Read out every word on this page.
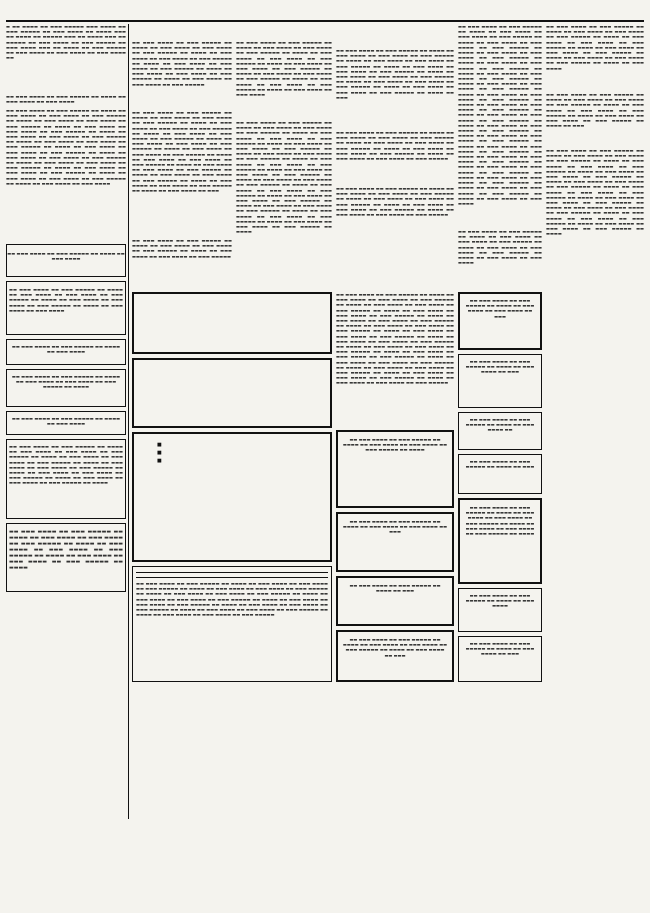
▬ ▬▬ ▬▬▬▬ ▬▬ ▬▬▬ ▬▬▬▬▬ ▬▬▬ ▬▬▬▬ ▬▬ ▬▬▬ ▬▬▬▬▬ ▬▬ ▬▬▬ ▬▬▬▬ ▬▬ ▬▬▬▬ ▬▬▬ ▬▬ ▬▬▬▬ ▬▬ ▬▬▬▬▬ ▬▬▬ ▬▬ ▬▬▬▬ ▬▬▬ ▬▬ ▬▬▬▬▬ ▬▬ ▬▬▬ ▬▬▬▬ ▬▬ ▬▬▬ ▬▬▬▬▬ ▬▬ ▬▬▬ ▬▬▬▬ ▬▬▬ ▬▬ ▬▬▬▬ ▬▬ ▬▬▬ ▬▬▬▬▬ ▬▬ ▬▬▬ ▬▬▬▬ ▬▬ ▬▬▬ ▬▬▬▬ ▬▬ ▬▬▬ ▬▬▬▬ ▬▬

▬▬ ▬▬▬ ▬▬▬▬ ▬▬ ▬▬▬ ▬▬▬▬▬ ▬▬ ▬▬▬▬ ▬▬ ▬▬▬ ▬▬▬▬ ▬▬ ▬▬▬ ▬▬▬▬

▬▬ ▬▬▬ ▬▬▬▬ ▬▬ ▬▬▬ ▬▬▬▬▬ ▬▬ ▬▬▬▬ ▬▬ ▬▬▬ ▬▬▬▬ ▬▬ ▬▬▬ ▬▬▬▬ ▬▬ ▬▬▬ ▬▬▬▬▬ ▬▬ ▬▬▬▬ ▬▬ ▬▬▬ ▬▬▬▬ ▬▬ ▬▬▬ ▬▬▬▬ ▬▬ ▬▬▬ ▬▬▬▬▬ ▬▬ ▬▬▬▬ ▬▬ ▬▬▬ ▬▬▬▬ ▬▬ ▬▬▬ ▬▬▬▬ ▬▬ ▬▬▬ ▬▬▬▬▬ ▬▬ ▬▬▬▬ ▬▬ ▬▬▬ ▬▬▬▬ ▬▬ ▬▬▬ ▬▬▬▬ ▬▬ ▬▬▬ ▬▬▬▬▬ ▬▬ ▬▬▬▬ ▬▬ ▬▬▬ ▬▬▬▬ ▬▬ ▬▬▬ ▬▬▬▬ ▬▬ ▬▬▬ ▬▬▬▬▬ ▬▬ ▬▬▬▬ ▬▬ ▬▬▬ ▬▬▬▬ ▬▬ ▬▬▬ ▬▬▬▬ ▬▬ ▬▬▬ ▬▬▬▬▬ ▬▬ ▬▬▬▬ ▬▬ ▬▬▬ ▬▬▬▬ ▬▬ ▬▬▬ ▬▬▬▬ ▬▬ ▬▬▬ ▬▬▬▬▬ ▬▬ ▬▬▬▬ ▬▬ ▬▬▬ ▬▬▬▬ ▬▬ ▬▬▬ ▬▬▬▬ ▬▬ ▬▬▬ ▬▬▬▬▬ ▬▬ ▬▬▬▬ ▬▬ ▬▬▬ ▬▬▬▬ ▬▬ ▬▬▬ ▬▬▬▬ ▬▬ ▬▬▬ ▬▬▬▬▬ ▬▬ ▬▬▬▬ ▬▬ ▬▬▬ ▬▬▬▬ ▬▬ ▬▬▬ ▬▬▬▬ ▬▬ ▬▬▬ ▬▬▬▬▬ ▬▬ ▬▬▬▬ ▬▬ ▬▬▬ ▬▬▬▬ ▬▬ ▬▬▬ ▬▬▬▬

▬▬ ▬▬▬ ▬▬▬▬ ▬▬ ▬▬▬ ▬▬▬▬▬ ▬▬ ▬▬▬▬ ▬▬ ▬▬▬ ▬▬▬▬
▬▬ ▬▬▬ ▬▬▬▬ ▬▬ ▬▬▬ ▬▬▬▬▬ ▬▬ ▬▬▬▬ ▬▬ ▬▬▬ ▬▬▬▬ ▬▬ ▬▬▬ ▬▬▬▬ ▬▬ ▬▬▬ ▬▬▬▬▬ ▬▬ ▬▬▬▬ ▬▬ ▬▬▬ ▬▬▬▬ ▬▬ ▬▬▬ ▬▬▬▬ ▬▬ ▬▬▬ ▬▬▬▬▬ ▬▬ ▬▬▬▬ ▬▬ ▬▬▬ ▬▬▬▬ ▬▬ ▬▬▬ ▬▬▬▬
▬▬ ▬▬▬ ▬▬▬▬ ▬▬ ▬▬▬ ▬▬▬▬▬ ▬▬ ▬▬▬▬ ▬▬ ▬▬▬ ▬▬▬▬
▬▬ ▬▬▬ ▬▬▬▬ ▬▬ ▬▬▬ ▬▬▬▬▬ ▬▬ ▬▬▬▬ ▬▬ ▬▬▬ ▬▬▬▬ ▬▬ ▬▬▬ ▬▬▬▬ ▬▬ ▬▬▬ ▬▬▬▬▬ ▬▬ ▬▬▬▬
▬▬ ▬▬▬ ▬▬▬▬ ▬▬ ▬▬▬ ▬▬▬▬▬ ▬▬ ▬▬▬▬ ▬▬ ▬▬▬ ▬▬▬▬
▬▬ ▬▬▬ ▬▬▬▬ ▬▬ ▬▬▬ ▬▬▬▬▬ ▬▬ ▬▬▬▬ ▬▬ ▬▬▬ ▬▬▬▬ ▬▬ ▬▬▬ ▬▬▬▬ ▬▬ ▬▬▬ ▬▬▬▬▬ ▬▬ ▬▬▬▬ ▬▬ ▬▬▬ ▬▬▬▬ ▬▬ ▬▬▬ ▬▬▬▬ ▬▬ ▬▬▬ ▬▬▬▬▬ ▬▬ ▬▬▬▬ ▬▬ ▬▬▬ ▬▬▬▬ ▬▬ ▬▬▬ ▬▬▬▬ ▬▬ ▬▬▬ ▬▬▬▬▬ ▬▬ ▬▬▬▬ ▬▬ ▬▬▬ ▬▬▬▬ ▬▬ ▬▬▬ ▬▬▬▬ ▬▬ ▬▬▬ ▬▬▬▬▬ ▬▬ ▬▬▬▬ ▬▬ ▬▬▬ ▬▬▬▬ ▬▬ ▬▬▬ ▬▬▬▬ ▬▬ ▬▬▬ ▬▬▬▬▬ ▬▬ ▬▬▬▬
▬▬ ▬▬▬ ▬▬▬▬ ▬▬ ▬▬▬ ▬▬▬▬▬ ▬▬ ▬▬▬▬ ▬▬ ▬▬▬ ▬▬▬▬ ▬▬ ▬▬▬ ▬▬▬▬ ▬▬ ▬▬▬ ▬▬▬▬▬ ▬▬ ▬▬▬▬ ▬▬ ▬▬▬ ▬▬▬▬ ▬▬ ▬▬▬ ▬▬▬▬ ▬▬ ▬▬▬ ▬▬▬▬▬ ▬▬ ▬▬▬▬ ▬▬ ▬▬▬ ▬▬▬▬ ▬▬ ▬▬▬ ▬▬▬▬ ▬▬ ▬▬▬ ▬▬▬▬▬ ▬▬ ▬▬▬▬
▬▬ ▬▬▬ ▬▬▬▬ ▬▬ ▬▬▬ ▬▬▬▬▬ ▬▬ ▬▬▬▬ ▬▬ ▬▬▬ ▬▬▬▬ ▬▬ ▬▬▬ ▬▬▬▬ ▬▬ ▬▬▬ ▬▬▬▬▬ ▬▬ ▬▬▬▬ ▬▬ ▬▬▬ ▬▬▬▬ ▬▬ ▬▬▬ ▬▬▬▬ ▬▬ ▬▬▬ ▬▬▬▬▬ ▬▬ ▬▬▬▬ ▬▬ ▬▬▬ ▬▬▬▬ ▬▬ ▬▬▬ ▬▬▬▬ ▬▬ ▬▬▬ ▬▬▬▬▬ ▬▬ ▬▬▬▬ ▬▬ ▬▬▬ ▬▬▬▬ ▬▬ ▬▬▬ ▬▬▬▬ ▬▬ ▬▬▬ ▬▬▬▬▬ ▬▬ ▬▬▬▬ ▬▬ ▬▬▬ ▬▬▬▬ ▬▬ ▬▬▬ ▬▬▬▬ ▬▬ ▬▬▬ ▬▬▬▬▬
▬▬ ▬▬▬ ▬▬▬▬ ▬▬ ▬▬▬ ▬▬▬▬▬ ▬▬ ▬▬▬▬ ▬▬ ▬▬▬ ▬▬▬▬ ▬▬ ▬▬▬ ▬▬▬▬ ▬▬ ▬▬▬ ▬▬▬▬▬ ▬▬ ▬▬▬▬ ▬▬ ▬▬▬ ▬▬▬▬ ▬▬ ▬▬▬ ▬▬▬▬ ▬▬ ▬▬▬ ▬▬▬▬▬ ▬▬ ▬▬▬▬ ▬▬ ▬▬▬ ▬▬▬▬ ▬▬ ▬▬▬ ▬▬▬▬ ▬▬ ▬▬▬ ▬▬▬▬▬ ▬▬ ▬▬▬▬ ▬▬ ▬▬▬ ▬▬▬▬ ▬▬ ▬▬▬ ▬▬▬▬ ▬▬ ▬▬▬ ▬▬▬▬▬ ▬▬ ▬▬▬▬ ▬▬ ▬▬▬ ▬▬▬▬ ▬▬ ▬▬▬ ▬▬▬▬ ▬▬ ▬▬▬ ▬▬▬▬▬ ▬▬ ▬▬▬▬ ▬▬ ▬▬▬ ▬▬▬▬ ▬▬ ▬▬▬ ▬▬▬▬ ▬▬ ▬▬▬ ▬▬▬▬▬ ▬▬ ▬▬▬▬ ▬▬ ▬▬▬ ▬▬▬▬ ▬▬ ▬▬▬ ▬▬▬▬ ▬▬ ▬▬▬ ▬▬▬▬▬ ▬▬ ▬▬▬▬ ▬▬ ▬▬▬ ▬▬▬▬ ▬▬ ▬▬▬ ▬▬▬▬ ▬▬ ▬▬▬ ▬▬▬▬▬ ▬▬ ▬▬▬▬ ▬▬ ▬▬▬ ▬▬▬▬ ▬▬ ▬▬▬ ▬▬▬▬ ▬▬ ▬▬▬ ▬▬▬▬▬ ▬▬ ▬▬▬▬ ▬▬ ▬▬▬ ▬▬▬▬ ▬▬ ▬▬▬
▬▬ ▬▬▬ ▬▬▬▬ ▬▬ ▬▬▬ ▬▬▬▬▬ ▬▬ ▬▬▬▬ ▬▬ ▬▬▬ ▬▬▬▬ ▬▬ ▬▬▬ ▬▬▬▬ ▬▬ ▬▬▬ ▬▬▬▬▬ ▬▬ ▬▬▬▬ ▬▬ ▬▬▬ ▬▬▬▬ ▬▬ ▬▬▬ ▬▬▬▬ ▬▬ ▬▬▬ ▬▬▬▬▬
▬▬ ▬▬▬ ▬▬▬▬ ▬▬ ▬▬▬ ▬▬▬▬▬ ▬▬ ▬▬▬▬ ▬▬ ▬▬▬ ▬▬▬▬ ▬▬ ▬▬▬ ▬▬▬▬ ▬▬ ▬▬▬ ▬▬▬▬▬ ▬▬ ▬▬▬▬ ▬▬ ▬▬▬ ▬▬▬▬ ▬▬ ▬▬▬ ▬▬▬▬ ▬▬ ▬▬▬ ▬▬▬▬▬ ▬▬ ▬▬▬▬ ▬▬ ▬▬▬ ▬▬▬▬ ▬▬ ▬▬▬ ▬▬▬▬ ▬▬ ▬▬▬ ▬▬▬▬▬ ▬▬ ▬▬▬▬ ▬▬ ▬▬▬ ▬▬▬▬ ▬▬ ▬▬▬ ▬▬▬▬ ▬▬ ▬▬▬ ▬▬▬▬▬ ▬▬ ▬▬▬▬ ▬▬ ▬▬▬ ▬▬▬▬ ▬▬ ▬▬▬ ▬▬▬▬ ▬▬ ▬▬▬ ▬▬▬▬▬ ▬▬ ▬▬▬▬ ▬▬ ▬▬▬ ▬▬▬▬ ▬▬ ▬▬▬ ▬▬▬▬
▬▬ ▬▬▬ ▬▬▬▬ ▬▬ ▬▬▬ ▬▬▬▬▬ ▬▬ ▬▬▬▬ ▬▬ ▬▬▬ ▬▬▬▬ ▬▬ ▬▬▬ ▬▬▬▬ ▬▬ ▬▬▬ ▬▬▬▬▬ ▬▬ ▬▬▬▬ ▬▬ ▬▬▬ ▬▬▬▬ ▬▬ ▬▬▬ ▬▬▬▬ ▬▬ ▬▬▬ ▬▬▬▬▬ ▬▬ ▬▬▬▬ ▬▬ ▬▬▬ ▬▬▬▬ ▬▬ ▬▬▬ ▬▬▬▬ ▬▬ ▬▬▬ ▬▬▬▬▬ ▬▬ ▬▬▬▬ ▬▬ ▬▬▬ ▬▬▬▬ ▬▬ ▬▬▬ ▬▬▬▬ ▬▬ ▬▬▬ ▬▬▬▬▬ ▬▬ ▬▬▬▬ ▬▬ ▬▬▬ ▬▬▬▬ ▬▬ ▬▬▬ ▬▬▬▬ ▬▬ ▬▬▬ ▬▬▬▬▬ ▬▬ ▬▬▬▬ ▬▬ ▬▬▬ ▬▬▬▬ ▬▬ ▬▬▬ ▬▬▬▬ ▬▬ ▬▬▬ ▬▬▬▬▬ ▬▬ ▬▬▬▬ ▬▬ ▬▬▬ ▬▬▬▬ ▬▬ ▬▬▬ ▬▬▬▬ ▬▬ ▬▬▬ ▬▬▬▬▬ ▬▬ ▬▬▬▬ ▬▬ ▬▬▬ ▬▬▬▬ ▬▬ ▬▬▬ ▬▬▬▬ ▬▬ ▬▬▬ ▬▬▬▬▬ ▬▬ ▬▬▬▬ ▬▬ ▬▬▬ ▬▬▬▬ ▬▬ ▬▬▬ ▬▬▬▬ ▬▬ ▬▬▬ ▬▬▬▬▬ ▬▬ ▬▬▬▬ ▬▬ ▬▬▬ ▬▬▬▬ ▬▬ ▬▬▬ ▬▬▬▬ ▬▬ ▬▬▬ ▬▬▬▬▬ ▬▬ ▬▬▬▬ ▬▬ ▬▬▬ ▬▬▬▬ ▬▬ ▬▬▬ ▬▬▬▬ ▬▬ ▬▬▬ ▬▬▬▬▬ ▬▬ ▬▬▬▬ ▬▬ ▬▬▬ ▬▬▬▬ ▬▬ ▬▬▬ ▬▬▬▬ ▬▬ ▬▬▬ ▬▬▬▬▬ ▬▬ ▬▬▬▬
▬▬ ▬▬▬ ▬▬▬▬ ▬▬ ▬▬▬ ▬▬▬▬▬ ▬▬ ▬▬▬▬ ▬▬ ▬▬▬ ▬▬▬▬ ▬▬ ▬▬▬ ▬▬▬▬ ▬▬ ▬▬▬ ▬▬▬▬▬ ▬▬ ▬▬▬▬ ▬▬ ▬▬▬ ▬▬▬▬ ▬▬ ▬▬▬ ▬▬▬▬ ▬▬ ▬▬▬ ▬▬▬▬▬ ▬▬ ▬▬▬▬ ▬▬ ▬▬▬ ▬▬▬▬ ▬▬ ▬▬▬ ▬▬▬▬ ▬▬ ▬▬▬ ▬▬▬▬▬ ▬▬ ▬▬▬▬ ▬▬ ▬▬▬ ▬▬▬▬ ▬▬ ▬▬▬ ▬▬▬▬ ▬▬ ▬▬▬ ▬▬▬▬▬ ▬▬ ▬▬▬▬ ▬▬ ▬▬▬ ▬▬▬▬ ▬▬ ▬▬▬ ▬▬▬▬ ▬▬ ▬▬▬ ▬▬▬▬▬ ▬▬ ▬▬▬▬ ▬▬ ▬▬▬ ▬▬▬▬ ▬▬ ▬▬▬ ▬▬▬▬ ▬▬ ▬▬▬ ▬▬▬▬▬ ▬▬ ▬▬▬▬ ▬▬ ▬▬▬
▬▬ ▬▬▬ ▬▬▬▬ ▬▬ ▬▬▬ ▬▬▬▬▬ ▬▬ ▬▬▬▬ ▬▬ ▬▬▬ ▬▬▬▬ ▬▬ ▬▬▬ ▬▬▬▬ ▬▬ ▬▬▬ ▬▬▬▬▬ ▬▬ ▬▬▬▬ ▬▬ ▬▬▬ ▬▬▬▬ ▬▬ ▬▬▬ ▬▬▬▬ ▬▬ ▬▬▬ ▬▬▬▬▬ ▬▬ ▬▬▬▬ ▬▬ ▬▬▬ ▬▬▬▬ ▬▬ ▬▬▬ ▬▬▬▬ ▬▬ ▬▬▬ ▬▬▬▬▬ ▬▬ ▬▬▬▬ ▬▬ ▬▬▬ ▬▬▬▬ ▬▬ ▬▬▬ ▬▬▬▬ ▬▬ ▬▬▬ ▬▬▬▬▬
▬▬ ▬▬▬ ▬▬▬▬ ▬▬ ▬▬▬ ▬▬▬▬▬ ▬▬ ▬▬▬▬ ▬▬ ▬▬▬ ▬▬▬▬ ▬▬ ▬▬▬ ▬▬▬▬ ▬▬ ▬▬▬ ▬▬▬▬▬ ▬▬ ▬▬▬▬ ▬▬ ▬▬▬ ▬▬▬▬ ▬▬ ▬▬▬ ▬▬▬▬ ▬▬ ▬▬▬ ▬▬▬▬▬ ▬▬ ▬▬▬▬ ▬▬ ▬▬▬ ▬▬▬▬ ▬▬ ▬▬▬ ▬▬▬▬ ▬▬ ▬▬▬ ▬▬▬▬▬ ▬▬ ▬▬▬▬ ▬▬ ▬▬▬ ▬▬▬▬ ▬▬ ▬▬▬ ▬▬▬▬ ▬▬ ▬▬▬ ▬▬▬▬▬
▬▬ ▬▬▬ ▬▬▬▬ ▬▬ ▬▬▬ ▬▬▬▬▬ ▬▬ ▬▬▬▬ ▬▬ ▬▬▬ ▬▬▬▬ ▬▬ ▬▬▬ ▬▬▬▬ ▬▬ ▬▬▬ ▬▬▬▬▬ ▬▬ ▬▬▬▬ ▬▬ ▬▬▬ ▬▬▬▬ ▬▬ ▬▬▬ ▬▬▬▬ ▬▬ ▬▬▬ ▬▬▬▬▬ ▬▬ ▬▬▬▬ ▬▬ ▬▬▬ ▬▬▬▬ ▬▬ ▬▬▬ ▬▬▬▬ ▬▬ ▬▬▬ ▬▬▬▬▬ ▬▬ ▬▬▬▬ ▬▬ ▬▬▬ ▬▬▬▬ ▬▬ ▬▬▬ ▬▬▬▬ ▬▬ ▬▬▬ ▬▬▬▬▬ ▬▬ ▬▬▬▬ ▬▬ ▬▬▬ ▬▬▬▬ ▬▬ ▬▬▬ ▬▬▬▬ ▬▬ ▬▬▬ ▬▬▬▬▬ ▬▬ ▬▬▬▬ ▬▬ ▬▬▬ ▬▬▬▬ ▬▬ ▬▬▬ ▬▬▬▬ ▬▬ ▬▬▬ ▬▬▬▬▬ ▬▬ ▬▬▬▬ ▬▬ ▬▬▬ ▬▬▬▬ ▬▬ ▬▬▬ ▬▬▬▬ ▬▬ ▬▬▬ ▬▬▬▬▬ ▬▬ ▬▬▬▬ ▬▬ ▬▬▬ ▬▬▬▬ ▬▬ ▬▬▬ ▬▬▬▬ ▬▬ ▬▬▬ ▬▬▬▬▬ ▬▬ ▬▬▬▬ ▬▬ ▬▬▬ ▬▬▬▬ ▬▬ ▬▬▬ ▬▬▬▬ ▬▬ ▬▬▬ ▬▬▬▬▬ ▬▬ ▬▬▬▬ ▬▬ ▬▬▬ ▬▬▬▬ ▬▬ ▬▬▬ ▬▬▬▬ ▬▬ ▬▬▬ ▬▬▬▬▬ ▬▬ ▬▬▬▬ ▬▬ ▬▬▬ ▬▬▬▬ ▬▬ ▬▬▬ ▬▬▬▬ ▬▬ ▬▬▬ ▬▬▬▬▬ ▬▬ ▬▬▬▬ ▬▬ ▬▬▬ ▬▬▬▬ ▬▬ ▬▬▬ ▬▬▬▬ ▬▬ ▬▬▬ ▬▬▬▬▬ ▬▬ ▬▬▬▬ ▬▬ ▬▬▬ ▬▬▬▬ ▬▬ ▬▬▬ ▬▬▬▬ ▬▬ ▬▬▬ ▬▬▬▬▬ ▬▬ ▬▬▬▬ ▬▬ ▬▬▬ ▬▬▬▬ ▬▬ ▬▬▬ ▬▬▬▬ ▬▬ ▬▬▬ ▬▬▬▬▬ ▬▬ ▬▬▬▬ ▬▬ ▬▬▬ ▬▬▬▬ ▬▬ ▬▬▬ ▬▬▬▬ ▬▬ ▬▬▬ ▬▬▬▬▬ ▬▬ ▬▬▬▬ ▬▬ ▬▬▬ ▬▬▬▬ ▬▬ ▬▬▬ ▬▬▬▬ ▬▬ ▬▬▬ ▬▬▬▬▬ ▬▬ ▬▬▬▬ ▬▬ ▬▬▬ ▬▬▬▬ ▬▬ ▬▬▬ ▬▬▬▬
▬▬ ▬▬▬ ▬▬▬▬ ▬▬ ▬▬▬ ▬▬▬▬▬ ▬▬ ▬▬▬▬ ▬▬ ▬▬▬ ▬▬▬▬ ▬▬ ▬▬▬ ▬▬▬▬ ▬▬ ▬▬▬ ▬▬▬▬▬ ▬▬ ▬▬▬▬ ▬▬ ▬▬▬ ▬▬▬▬ ▬▬ ▬▬▬ ▬▬▬▬ ▬▬ ▬▬▬ ▬▬▬▬▬ ▬▬ ▬▬▬▬ ▬▬ ▬▬▬ ▬▬▬▬ ▬▬ ▬▬▬ ▬▬▬▬
▬▬ ▬▬▬ ▬▬▬▬ ▬▬ ▬▬▬ ▬▬▬▬▬ ▬▬ ▬▬▬▬ ▬▬ ▬▬▬ ▬▬▬▬ ▬▬ ▬▬▬ ▬▬▬▬ ▬▬ ▬▬▬ ▬▬▬▬▬ ▬▬ ▬▬▬▬ ▬▬ ▬▬▬ ▬▬▬▬ ▬▬ ▬▬▬ ▬▬▬▬ ▬▬ ▬▬▬ ▬▬▬▬▬ ▬▬ ▬▬▬▬ ▬▬ ▬▬▬ ▬▬▬▬ ▬▬ ▬▬▬ ▬▬▬▬ ▬▬ ▬▬▬ ▬▬▬▬▬ ▬▬ ▬▬▬▬ ▬▬ ▬▬▬ ▬▬▬▬ ▬▬ ▬▬▬ ▬▬▬▬ ▬▬ ▬▬▬ ▬▬▬▬▬ ▬▬ ▬▬▬▬ ▬▬ ▬▬▬ ▬▬▬▬
▬▬ ▬▬▬ ▬▬▬▬ ▬▬ ▬▬▬ ▬▬▬▬▬ ▬▬ ▬▬▬▬ ▬▬ ▬▬▬ ▬▬▬▬ ▬▬ ▬▬▬ ▬▬▬▬ ▬▬ ▬▬▬ ▬▬▬▬▬ ▬▬ ▬▬▬▬ ▬▬ ▬▬▬ ▬▬▬▬ ▬▬ ▬▬▬ ▬▬▬▬ ▬▬ ▬▬▬ ▬▬▬▬▬ ▬▬ ▬▬▬▬ ▬▬ ▬▬▬ ▬▬▬▬ ▬▬ ▬▬▬ ▬▬▬▬ ▬▬ ▬▬▬ ▬▬▬▬▬ ▬▬ ▬▬▬▬ ▬▬ ▬▬▬
▬▬ ▬▬▬ ▬▬▬▬ ▬▬ ▬▬▬ ▬▬▬▬▬ ▬▬ ▬▬▬▬ ▬▬ ▬▬▬ ▬▬▬▬ ▬▬ ▬▬▬ ▬▬▬▬ ▬▬ ▬▬▬ ▬▬▬▬▬ ▬▬ ▬▬▬▬ ▬▬ ▬▬▬ ▬▬▬▬ ▬▬ ▬▬▬ ▬▬▬▬ ▬▬ ▬▬▬ ▬▬▬▬▬ ▬▬ ▬▬▬▬ ▬▬ ▬▬▬ ▬▬▬▬ ▬▬ ▬▬▬ ▬▬▬▬ ▬▬ ▬▬▬ ▬▬▬▬▬ ▬▬ ▬▬▬▬ ▬▬ ▬▬▬ ▬▬▬▬ ▬▬ ▬▬▬ ▬▬▬▬ ▬▬ ▬▬▬ ▬▬▬▬▬ ▬▬ ▬▬▬▬ ▬▬ ▬▬▬ ▬▬▬▬ ▬▬ ▬▬▬ ▬▬▬▬ ▬▬ ▬▬▬ ▬▬▬▬▬ ▬▬ ▬▬▬▬ ▬▬ ▬▬▬ ▬▬▬▬ ▬▬ ▬▬▬ ▬▬▬▬ ▬▬ ▬▬▬ ▬▬▬▬▬ ▬▬ ▬▬▬▬ ▬▬ ▬▬▬ ▬▬▬▬ ▬▬ ▬▬▬ ▬▬▬▬ ▬▬ ▬▬▬ ▬▬▬▬▬ ▬▬ ▬▬▬▬ ▬▬ ▬▬▬ ▬▬▬▬ ▬▬ ▬▬▬ ▬▬▬▬ ▬▬ ▬▬▬ ▬▬▬▬▬ ▬▬ ▬▬▬▬ ▬▬ ▬▬▬ ▬▬▬▬ ▬▬ ▬▬▬ ▬▬▬▬ ▬▬ ▬▬▬ ▬▬▬▬▬ ▬▬ ▬▬▬▬
■
■
■
▬▬ ▬▬▬ ▬▬▬▬ ▬▬ ▬▬▬ ▬▬▬▬▬ ▬▬ ▬▬▬▬ ▬▬ ▬▬▬ ▬▬▬▬ ▬▬ ▬▬▬ ▬▬▬▬ ▬▬ ▬▬▬ ▬▬▬▬▬ ▬▬ ▬▬▬▬ ▬▬ ▬▬▬ ▬▬▬▬ ▬▬ ▬▬▬ ▬▬▬▬ ▬▬ ▬▬▬ ▬▬▬▬▬ ▬▬ ▬▬▬▬ ▬▬ ▬▬▬ ▬▬▬▬ ▬▬ ▬▬▬ ▬▬▬▬ ▬▬ ▬▬▬ ▬▬▬▬▬ ▬▬ ▬▬▬▬ ▬▬ ▬▬▬ ▬▬▬▬ ▬▬ ▬▬▬ ▬▬▬▬ ▬▬ ▬▬▬ ▬▬▬▬▬ ▬▬ ▬▬▬▬ ▬▬ ▬▬▬ ▬▬▬▬ ▬▬ ▬▬▬ ▬▬▬▬ ▬▬ ▬▬▬ ▬▬▬▬▬ ▬▬ ▬▬▬▬ ▬▬ ▬▬▬ ▬▬▬▬ ▬▬ ▬▬▬ ▬▬▬▬ ▬▬ ▬▬▬ ▬▬▬▬▬ ▬▬ ▬▬▬▬ ▬▬ ▬▬▬ ▬▬▬▬ ▬▬ ▬▬▬ ▬▬▬▬ ▬▬ ▬▬▬ ▬▬▬▬▬ ▬▬ ▬▬▬▬ ▬▬ ▬▬▬ ▬▬▬▬ ▬▬ ▬▬▬ ▬▬▬▬ ▬▬ ▬▬▬ ▬▬▬▬▬
▬▬ ▬▬▬ ▬▬▬▬ ▬▬ ▬▬▬ ▬▬▬▬▬ ▬▬ ▬▬▬▬ ▬▬ ▬▬▬ ▬▬▬▬ ▬▬ ▬▬▬ ▬▬▬▬ ▬▬ ▬▬▬ ▬▬▬▬▬ ▬▬ ▬▬▬▬ ▬▬ ▬▬▬ ▬▬▬▬ ▬▬ ▬▬▬ ▬▬▬▬ ▬▬ ▬▬▬ ▬▬▬▬▬ ▬▬ ▬▬▬▬ ▬▬ ▬▬▬ ▬▬▬▬ ▬▬ ▬▬▬ ▬▬▬▬ ▬▬ ▬▬▬ ▬▬▬▬▬ ▬▬ ▬▬▬▬ ▬▬ ▬▬▬ ▬▬▬▬ ▬▬ ▬▬▬ ▬▬▬▬ ▬▬ ▬▬▬ ▬▬▬▬▬ ▬▬ ▬▬▬▬ ▬▬ ▬▬▬ ▬▬▬▬ ▬▬ ▬▬▬ ▬▬▬▬ ▬▬ ▬▬▬ ▬▬▬▬▬ ▬▬ ▬▬▬▬ ▬▬ ▬▬▬ ▬▬▬▬ ▬▬ ▬▬▬ ▬▬▬▬ ▬▬ ▬▬▬ ▬▬▬▬▬ ▬▬ ▬▬▬▬ ▬▬ ▬▬▬ ▬▬▬▬ ▬▬ ▬▬▬ ▬▬▬▬ ▬▬ ▬▬▬ ▬▬▬▬▬ ▬▬ ▬▬▬▬ ▬▬ ▬▬▬ ▬▬▬▬ ▬▬ ▬▬▬ ▬▬▬▬ ▬▬ ▬▬▬ ▬▬▬▬▬ ▬▬ ▬▬▬▬ ▬▬ ▬▬▬ ▬▬▬▬ ▬▬ ▬▬▬ ▬▬▬▬ ▬▬ ▬▬▬ ▬▬▬▬▬ ▬▬ ▬▬▬▬ ▬▬ ▬▬▬ ▬▬▬▬ ▬▬ ▬▬▬ ▬▬▬▬ ▬▬ ▬▬▬ ▬▬▬▬▬ ▬▬ ▬▬▬▬ ▬▬ ▬▬▬ ▬▬▬▬ ▬▬ ▬▬▬ ▬▬▬▬ ▬▬ ▬▬▬ ▬▬▬▬▬ ▬▬ ▬▬▬▬ ▬▬ ▬▬▬ ▬▬▬▬ ▬▬ ▬▬▬ ▬▬▬▬ ▬▬ ▬▬▬ ▬▬▬▬▬ ▬▬ ▬▬▬▬ ▬▬ ▬▬▬ ▬▬▬▬ ▬▬ ▬▬▬ ▬▬▬▬ ▬▬ ▬▬▬ ▬▬▬▬▬
▬▬ ▬▬▬ ▬▬▬▬ ▬▬ ▬▬▬ ▬▬▬▬▬ ▬▬ ▬▬▬▬ ▬▬ ▬▬▬ ▬▬▬▬ ▬▬ ▬▬▬ ▬▬▬▬ ▬▬ ▬▬▬ ▬▬▬▬▬ ▬▬ ▬▬▬▬
▬▬ ▬▬▬ ▬▬▬▬ ▬▬ ▬▬▬ ▬▬▬▬▬ ▬▬ ▬▬▬▬ ▬▬ ▬▬▬ ▬▬▬▬ ▬▬ ▬▬▬ ▬▬▬▬ ▬▬ ▬▬▬
▬▬ ▬▬▬ ▬▬▬▬ ▬▬ ▬▬▬ ▬▬▬▬▬ ▬▬ ▬▬▬▬ ▬▬ ▬▬▬
▬▬ ▬▬▬ ▬▬▬▬ ▬▬ ▬▬▬ ▬▬▬▬▬ ▬▬ ▬▬▬▬ ▬▬ ▬▬▬ ▬▬▬▬ ▬▬ ▬▬▬ ▬▬▬▬ ▬▬ ▬▬▬ ▬▬▬▬▬ ▬▬ ▬▬▬▬ ▬▬ ▬▬▬ ▬▬▬▬ ▬▬ ▬▬▬
▬▬ ▬▬▬ ▬▬▬▬ ▬▬ ▬▬▬ ▬▬▬▬▬ ▬▬ ▬▬▬▬ ▬▬ ▬▬▬ ▬▬▬▬ ▬▬ ▬▬▬ ▬▬▬▬ ▬▬ ▬▬▬
▬▬ ▬▬▬ ▬▬▬▬ ▬▬ ▬▬▬ ▬▬▬▬▬ ▬▬ ▬▬▬▬ ▬▬ ▬▬▬ ▬▬▬▬ ▬▬ ▬▬▬
▬▬ ▬▬▬ ▬▬▬▬ ▬▬ ▬▬▬ ▬▬▬▬▬ ▬▬ ▬▬▬▬ ▬▬ ▬▬▬ ▬▬▬▬ ▬▬
▬▬ ▬▬▬ ▬▬▬▬ ▬▬ ▬▬▬ ▬▬▬▬▬ ▬▬ ▬▬▬▬ ▬▬ ▬▬▬
▬▬ ▬▬▬ ▬▬▬▬ ▬▬ ▬▬▬ ▬▬▬▬▬ ▬▬ ▬▬▬▬ ▬▬ ▬▬▬ ▬▬▬▬ ▬▬ ▬▬▬ ▬▬▬▬ ▬▬ ▬▬▬ ▬▬▬▬▬ ▬▬ ▬▬▬▬ ▬▬ ▬▬▬ ▬▬▬▬ ▬▬ ▬▬▬ ▬▬▬▬ ▬▬ ▬▬▬ ▬▬▬▬▬ ▬▬ ▬▬▬▬
▬▬ ▬▬▬ ▬▬▬▬ ▬▬ ▬▬▬ ▬▬▬▬▬ ▬▬ ▬▬▬▬ ▬▬ ▬▬▬ ▬▬▬▬
▬▬ ▬▬▬ ▬▬▬▬ ▬▬ ▬▬▬ ▬▬▬▬▬ ▬▬ ▬▬▬▬ ▬▬ ▬▬▬ ▬▬▬▬ ▬▬ ▬▬▬
